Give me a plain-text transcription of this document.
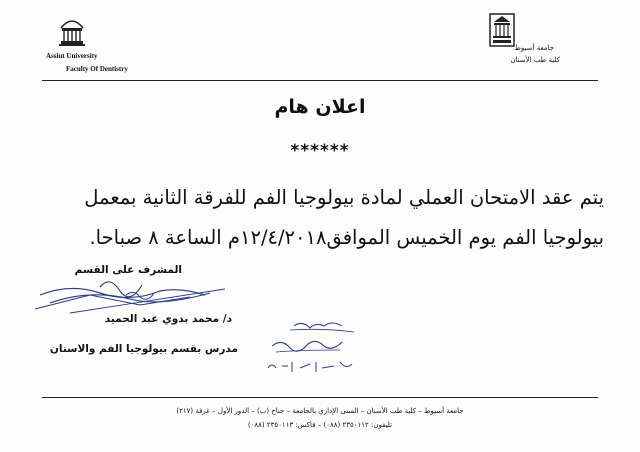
Assiut University
Faculty Of Dentistry
جامعة أسيوط
كلية طب الأسنان
اعلان هام
******
يتم عقد الامتحان العملي لمادة بيولوجيا الفم للفرقة الثانية بمعمل
بيولوجيا الفم يوم الخميس الموافق١٢/٤/٢٠١٨م الساعة ٨ صباحا.
المشرف على القسم
د/ محمد بدوي عبد الحميد
مدرس بقسم بيولوجيا الفم والاسنان
جامعة أسيوط – كلية طب الأسنان – المبنى الإداري بالجامعة – جناح (ب) – الدور الأول – غرفة (٢١٧)
تليفون: ٢٣٥٠١١٢ (٠٨٨) – فاكس: ٢٣٥٠١١٣ (٠٨٨)
